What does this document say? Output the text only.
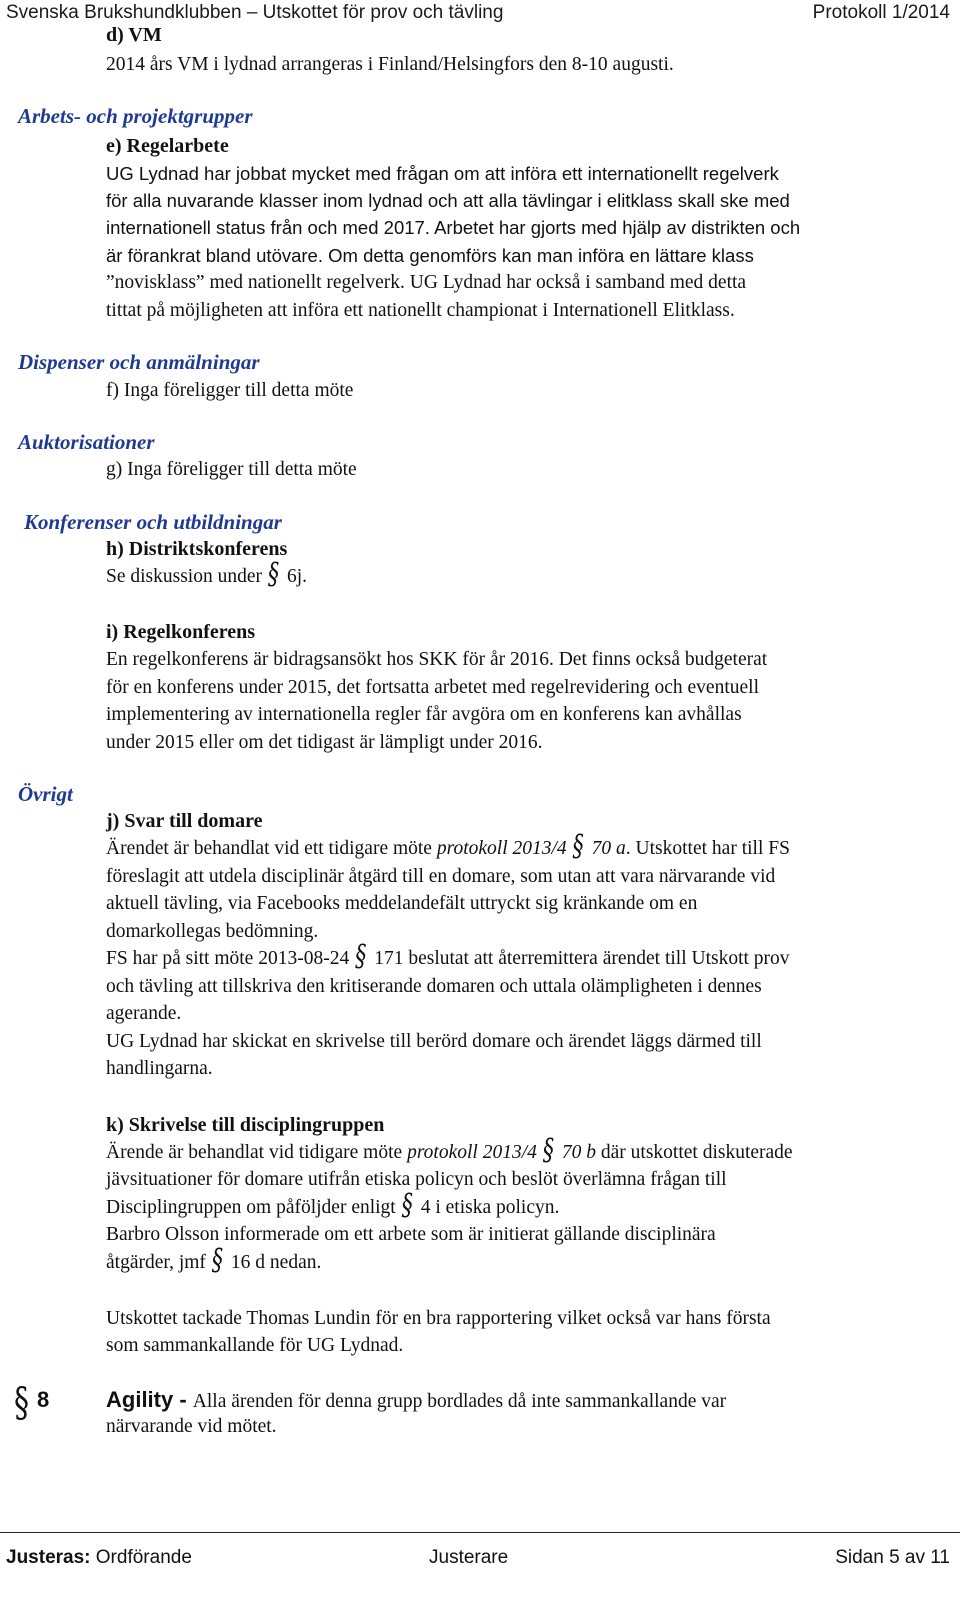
Svenska Brukshundklubben – Utskottet för prov och tävling	Protokoll 1/2014
d) VM
2014 års VM i lydnad arrangeras i Finland/Helsingfors den 8-10 augusti.
Arbets- och projektgrupper
e) Regelarbete
UG Lydnad har jobbat mycket med frågan om att införa ett internationellt regelverk
för alla nuvarande klasser inom lydnad och att alla tävlingar i elitklass skall ske med
internationell status från och med 2017. Arbetet har gjorts med hjälp av distrikten och
är förankrat bland utövare. Om detta genomförs kan man införa en lättare klass
”novisklass” med nationellt regelverk. UG Lydnad har också i samband med detta
tittat på möjligheten att införa ett nationellt championat i Internationell Elitklass.
Dispenser och anmälningar
f) Inga föreligger till detta möte
Auktorisationer
g) Inga föreligger till detta möte
Konferenser och utbildningar
h) Distriktskonferens
Se diskussion under § 6j.
i) Regelkonferens
En regelkonferens är bidragsansökt hos SKK för år 2016. Det finns också budgeterat
för en konferens under 2015, det fortsatta arbetet med regelrevidering och eventuell
implementering av internationella regler får avgöra om en konferens kan avhållas
under 2015 eller om det tidigast är lämpligt under 2016.
Övrigt
j) Svar till domare
Ärendet är behandlat vid ett tidigare möte protokoll 2013/4 § 70 a. Utskottet har till FS
föreslagit att utdela disciplinär åtgärd till en domare, som utan att vara närvarande vid
aktuell tävling, via Facebooks meddelandefält uttryckt sig kränkande om en
domarkollegas bedömning.
FS har på sitt möte 2013-08-24 § 171 beslutat att återremittera ärendet till Utskott prov
och tävling att tillskriva den kritiserande domaren och uttala olämpligheten i dennes
agerande.
UG Lydnad har skickat en skrivelse till berörd domare och ärendet läggs därmed till
handlingarna.
k) Skrivelse till disciplingruppen
Ärende är behandlat vid tidigare möte protokoll 2013/4 § 70 b där utskottet diskuterade
jävsituationer för domare utifrån etiska policyn och beslöt överlämna frågan till
Disciplingruppen om påföljder enligt § 4 i etiska policyn.
Barbro Olsson informerade om ett arbete som är initierat gällande disciplinära
åtgärder, jmf § 16 d nedan.
Utskottet tackade Thomas Lundin för en bra rapportering vilket också var hans första
som sammankallande för UG Lydnad.
§ 8	Agility - Alla ärenden för denna grupp bordlades då inte sammankallande var
närvarande vid mötet.
Justeras: Ordförande	Justerare	Sidan 5 av 11
